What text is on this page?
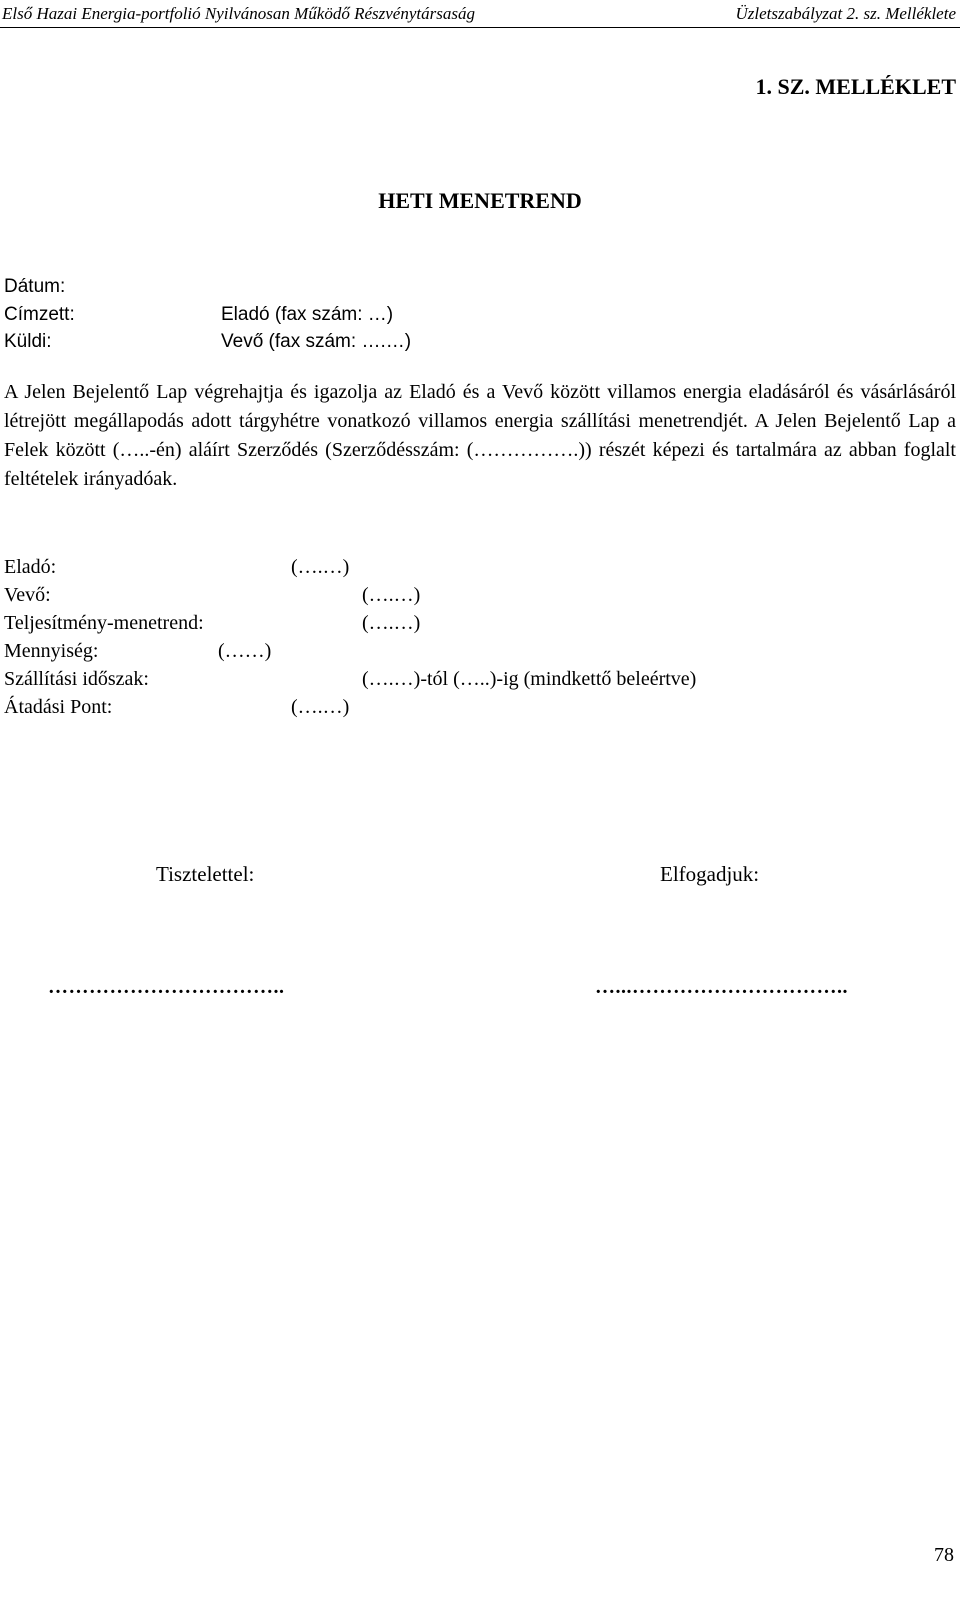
Első Hazai Energia-portfolió Nyilvánosan Működő Részvénytársaság	Üzletszabályzat 2. sz. Melléklete
1. SZ. MELLÉKLET
HETI MENETREND
Dátum:
Címzett:	Eladó (fax szám: …)
Küldi:	Vevő (fax szám: ….…)

A Jelen Bejelentő Lap végrehajtja és igazolja az Eladó és a Vevő között villamos energia eladásáról és vásárlásáról létrejött megállapodás adott tárgyhétre vonatkozó villamos energia szállítási menetrendjét. A Jelen Bejelentő Lap a Felek között (…..-én) aláírt Szerződés (Szerződésszám: (…………….)) részét képezi és tartalmára az abban foglalt feltételek irányadóak.

Eladó:	(….…)
Vevő:	(….…)
Teljesítmény-menetrend:	(….…)
Mennyiség:	(……)
Szállítási időszak:	(….…)-tól (…..)-ig (mindkettő beleértve)
Átadási Pont:	(….…)
Tisztelettel:	Elfogadjuk:
……………………………..	…...…………………………..
78
